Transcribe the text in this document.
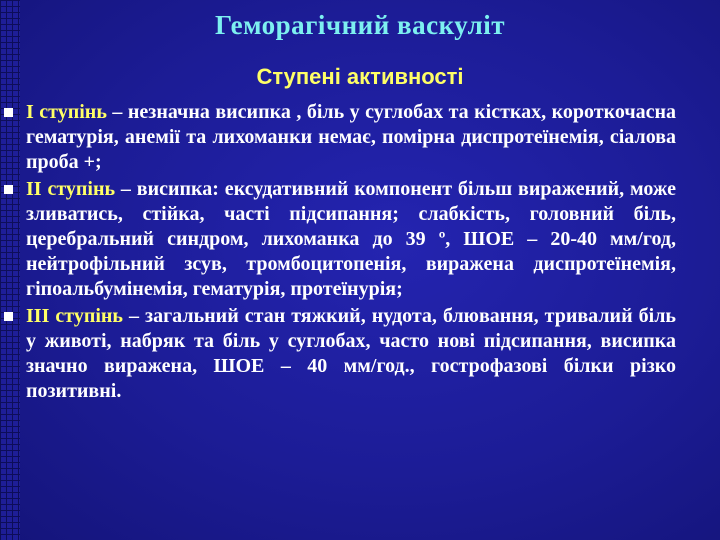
Геморагічний васкуліт
Ступені активності

I ступінь – незначна висипка , біль у суглобах та кістках, короткочасна гематурія, анемії та лихоманки немає, помірна диспротеїнемія, сіалова проба +;

II ступінь – висипка: ексудативний компонент більш виражений, може зливатись, стійка, часті підсипання; слабкість, головний біль, церебральний синдром, лихоманка до 39 º, ШОЕ – 20-40 мм/год, нейтрофільний зсув, тромбоцитопенія, виражена диспротеїнемія, гіпоальбумінемія, гематурія, протеїнурія;

III ступінь – загальний стан тяжкий, нудота, блювання, тривалий біль у животі, набряк та біль у суглобах, часто нові підсипання, висипка значно виражена, ШОЕ – 40 мм/год., гострофазові білки різко позитивні.
